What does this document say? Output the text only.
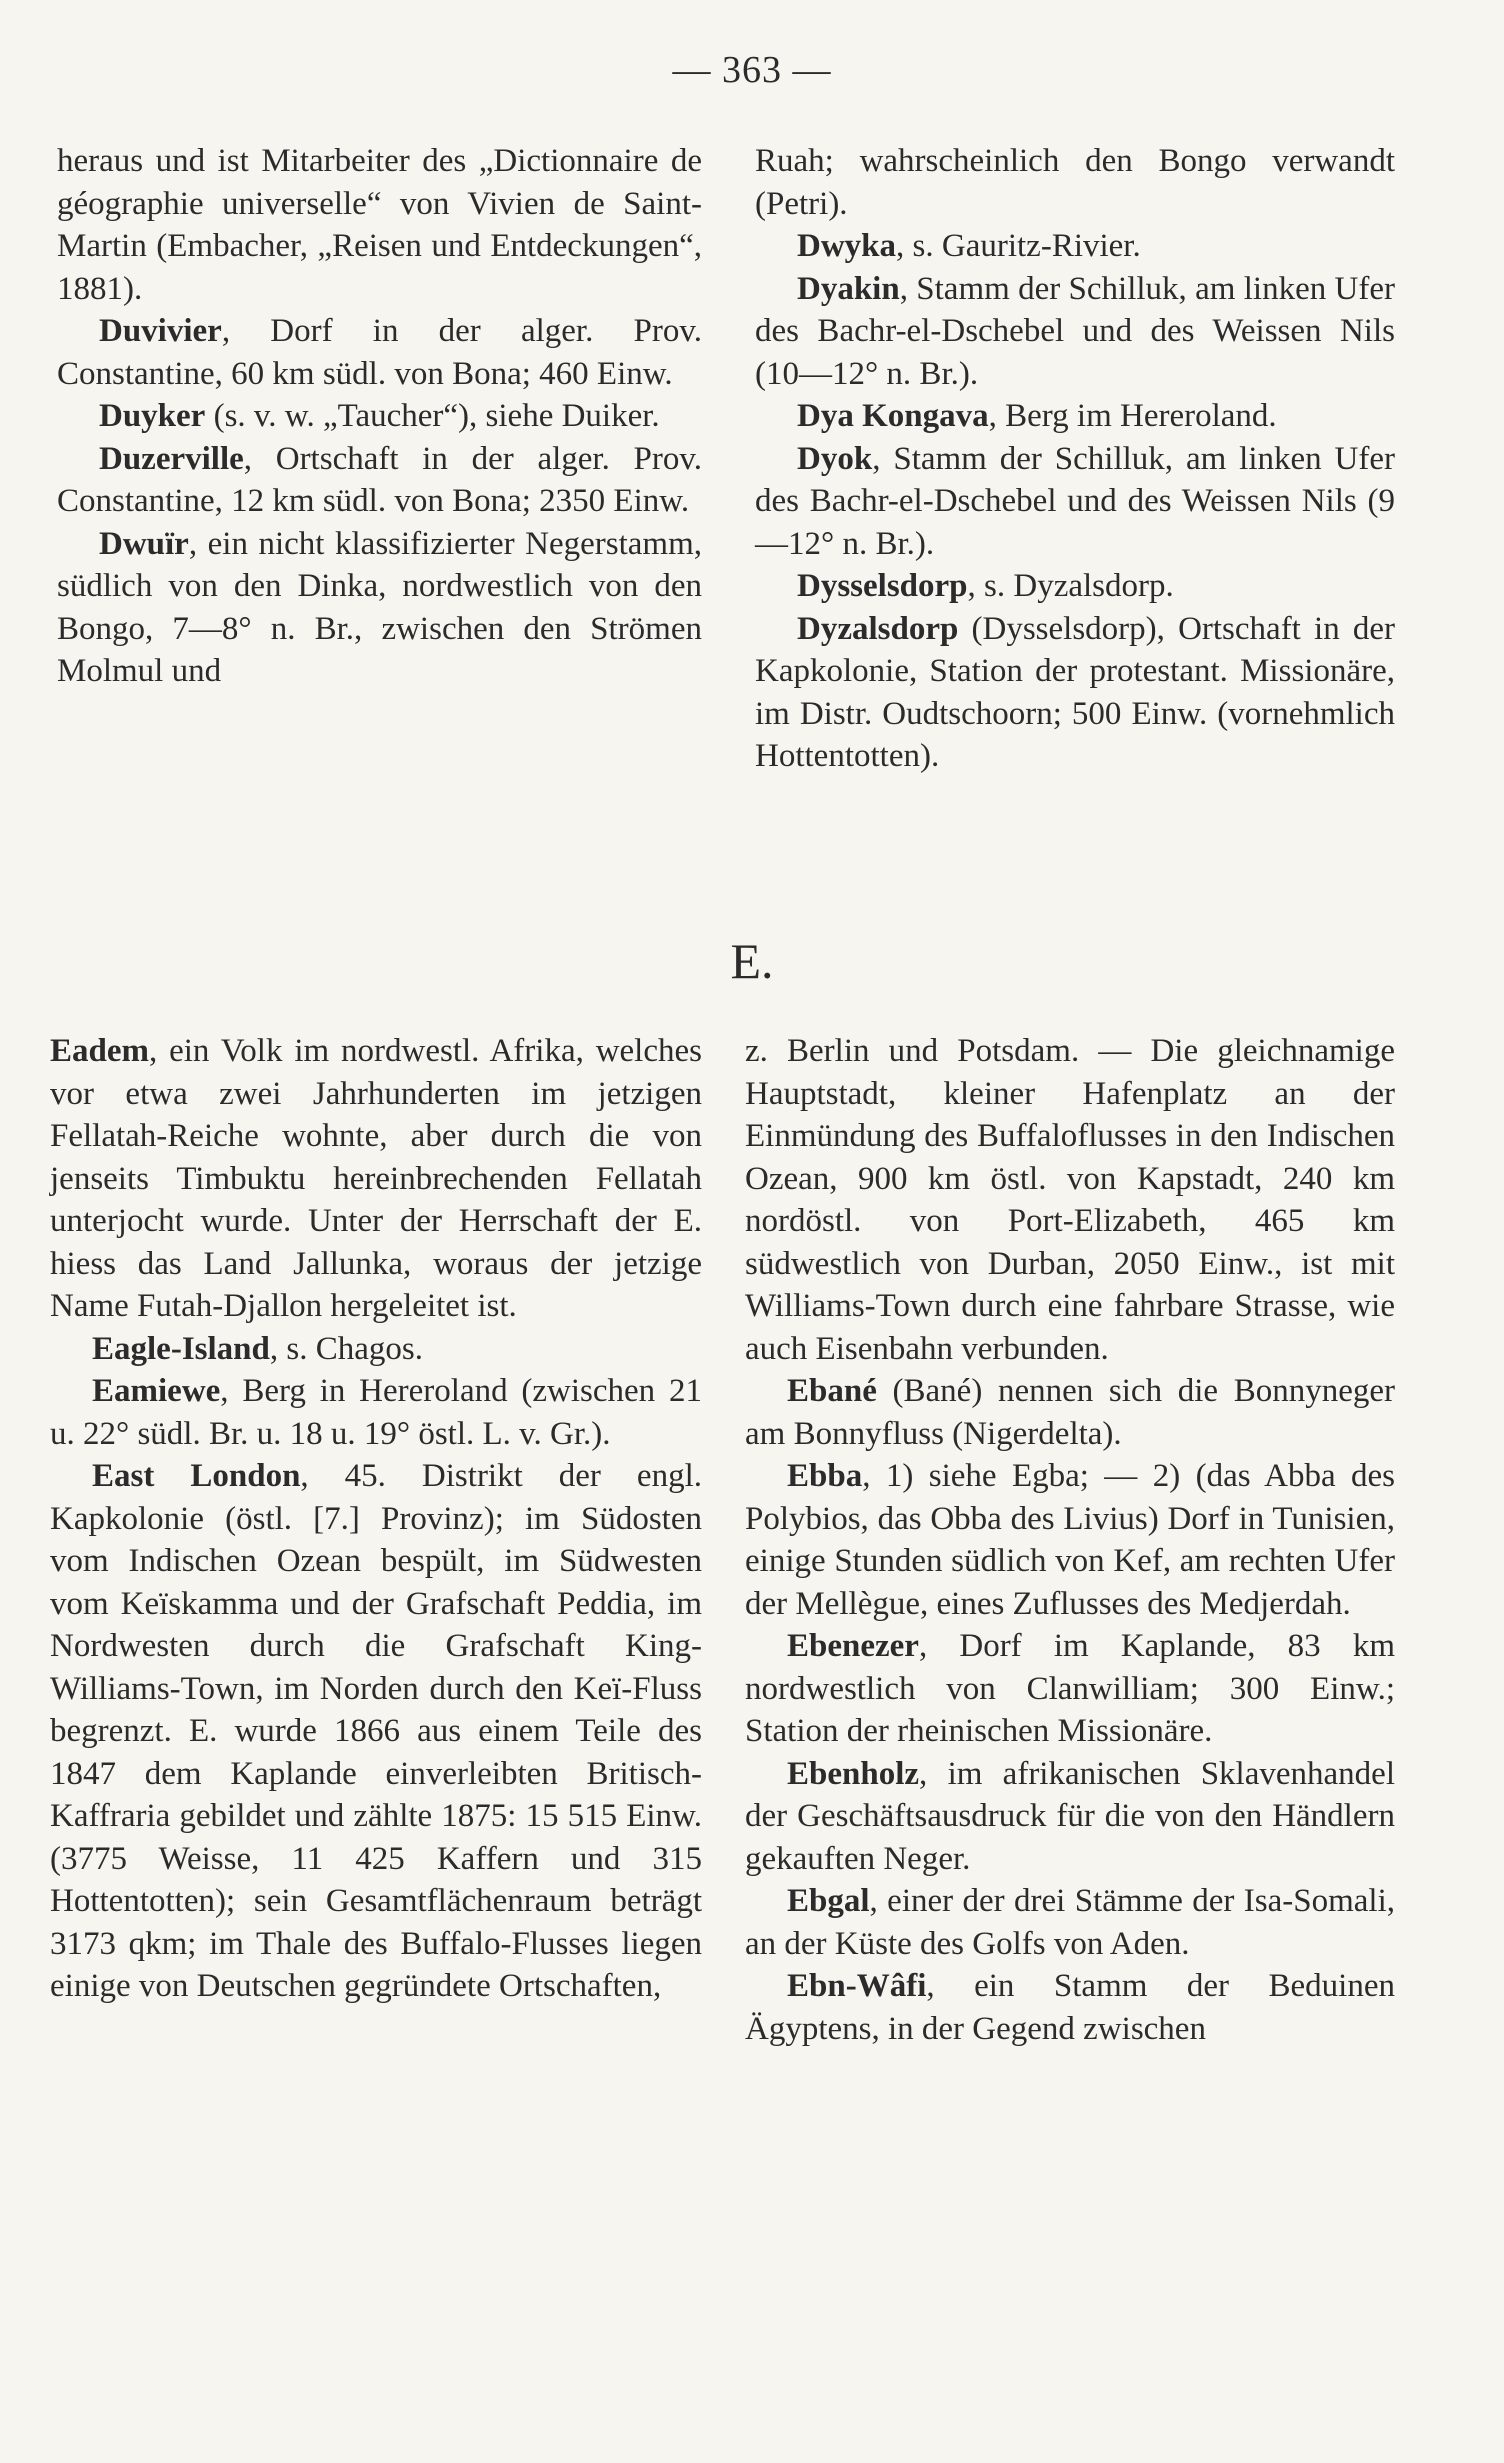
— 363 —

heraus und ist Mitarbeiter des „Dictionnaire de géographie universelle“ von Vivien de Saint-Martin (Embacher, „Reisen und Entdeckungen“, 1881).

Duvivier, Dorf in der alger. Prov. Constantine, 60 km südl. von Bona; 460 Einw.

Duyker (s. v. w. „Taucher“), siehe Duiker.

Duzerville, Ortschaft in der alger. Prov. Constantine, 12 km südl. von Bona; 2350 Einw.

Dwuïr, ein nicht klassifizierter Negerstamm, südlich von den Dinka, nordwestlich von den Bongo, 7—8° n. Br., zwischen den Strömen Molmul und

Ruah; wahrscheinlich den Bongo verwandt (Petri).

Dwyka, s. Gauritz-Rivier.

Dyakin, Stamm der Schilluk, am linken Ufer des Bachr-el-Dschebel und des Weissen Nils (10—12° n. Br.).

Dya Kongava, Berg im Hereroland.

Dyok, Stamm der Schilluk, am linken Ufer des Bachr-el-Dschebel und des Weissen Nils (9—12° n. Br.).

Dysselsdorp, s. Dyzalsdorp.

Dyzalsdorp (Dysselsdorp), Ortschaft in der Kapkolonie, Station der protestant. Missionäre, im Distr. Oudtschoorn; 500 Einw. (vornehmlich Hottentotten).

E.

Eadem, ein Volk im nordwestl. Afrika, welches vor etwa zwei Jahrhunderten im jetzigen Fellatah-Reiche wohnte, aber durch die von jenseits Timbuktu hereinbrechenden Fellatah unterjocht wurde. Unter der Herrschaft der E. hiess das Land Jallunka, woraus der jetzige Name Futah-Djallon hergeleitet ist.

Eagle-Island, s. Chagos.

Eamiewe, Berg in Hereroland (zwischen 21 u. 22° südl. Br. u. 18 u. 19° östl. L. v. Gr.).

East London, 45. Distrikt der engl. Kapkolonie (östl. [7.] Provinz); im Südosten vom Indischen Ozean bespült, im Südwesten vom Keïskamma und der Grafschaft Peddia, im Nordwesten durch die Grafschaft King-Williams-Town, im Norden durch den Keï-Fluss begrenzt. E. wurde 1866 aus einem Teile des 1847 dem Kaplande einverleibten Britisch-Kaffraria gebildet und zählte 1875: 15 515 Einw. (3775 Weisse, 11 425 Kaffern und 315 Hottentotten); sein Gesamtflächenraum beträgt 3173 qkm; im Thale des Buffalo-Flusses liegen einige von Deutschen gegründete Ortschaften,

z. Berlin und Potsdam. — Die gleichnamige Hauptstadt, kleiner Hafenplatz an der Einmündung des Buffaloflusses in den Indischen Ozean, 900 km östl. von Kapstadt, 240 km nordöstl. von Port-Elizabeth, 465 km südwestlich von Durban, 2050 Einw., ist mit Williams-Town durch eine fahrbare Strasse, wie auch Eisenbahn verbunden.

Ebané (Bané) nennen sich die Bonnyneger am Bonnyfluss (Nigerdelta).

Ebba, 1) siehe Egba; — 2) (das Abba des Polybios, das Obba des Livius) Dorf in Tunisien, einige Stunden südlich von Kef, am rechten Ufer der Mellègue, eines Zuflusses des Medjerdah.

Ebenezer, Dorf im Kaplande, 83 km nordwestlich von Clanwilliam; 300 Einw.; Station der rheinischen Missionäre.

Ebenholz, im afrikanischen Sklavenhandel der Geschäftsausdruck für die von den Händlern gekauften Neger.

Ebgal, einer der drei Stämme der Isa-Somali, an der Küste des Golfs von Aden.

Ebn-Wâfi, ein Stamm der Beduinen Ägyptens, in der Gegend zwischen
